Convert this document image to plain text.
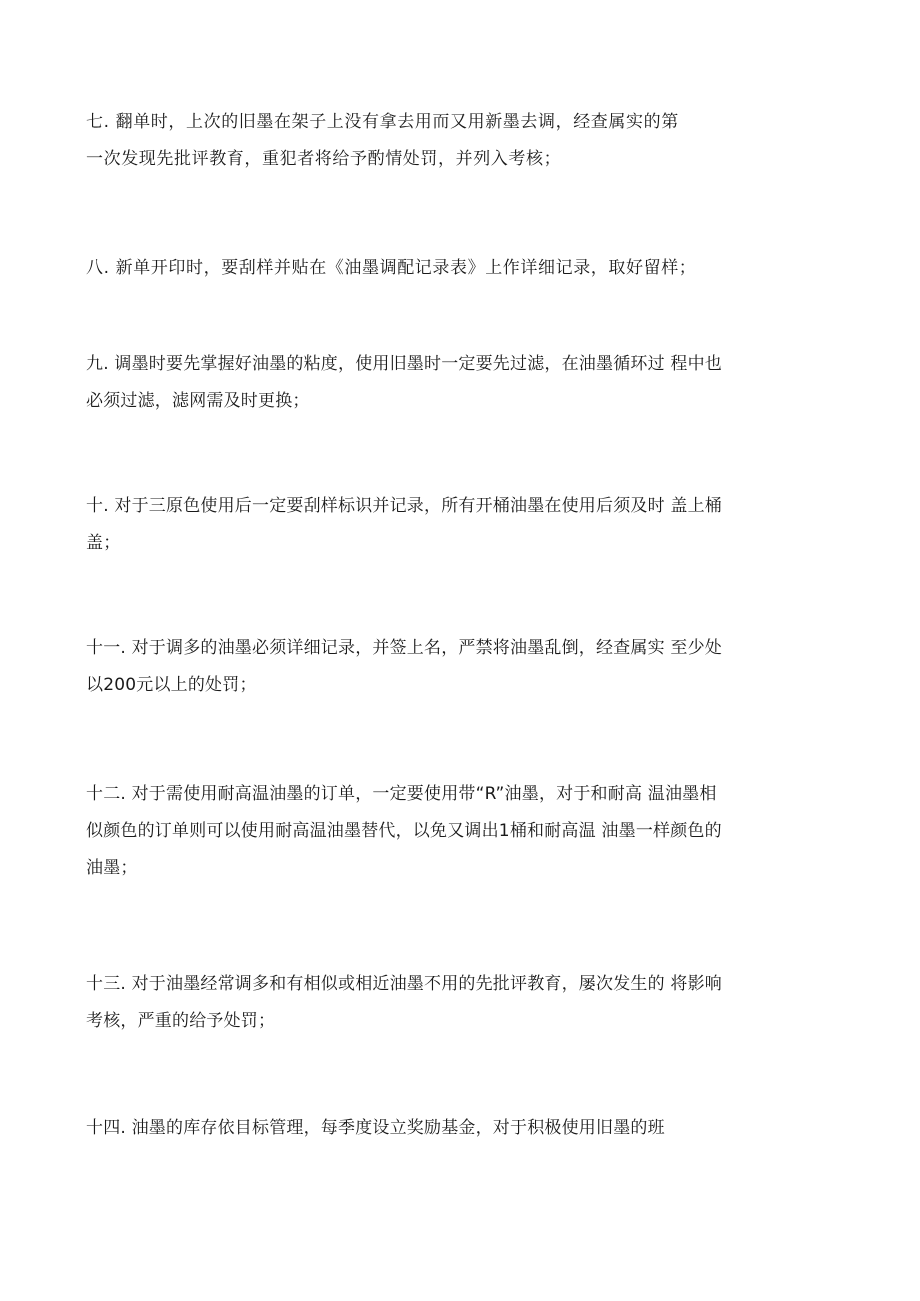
七. 翻单时，上次的旧墨在架子上没有拿去用而又用新墨去调，经查属实的第
一次发现先批评教育，重犯者将给予酌情处罚，并列入考核；
八. 新单开印时，要刮样并贴在《油墨调配记录表》上作详细记录，取好留样；
九. 调墨时要先掌握好油墨的粘度，使用旧墨时一定要先过滤，在油墨循环过 程中也
必须过滤，滤网需及时更换；
十. 对于三原色使用后一定要刮样标识并记录，所有开桶油墨在使用后须及时 盖上桶
盖；
十一. 对于调多的油墨必须详细记录，并签上名，严禁将油墨乱倒，经查属实 至少处
以200元以上的处罚；
十二. 对于需使用耐高温油墨的订单，一定要使用带“R”油墨，对于和耐高 温油墨相
似颜色的订单则可以使用耐高温油墨替代，以免又调出1桶和耐高温 油墨一样颜色的
油墨；
十三. 对于油墨经常调多和有相似或相近油墨不用的先批评教育，屡次发生的 将影响
考核，严重的给予处罚；
十四. 油墨的库存依目标管理，每季度设立奖励基金，对于积极使用旧墨的班
